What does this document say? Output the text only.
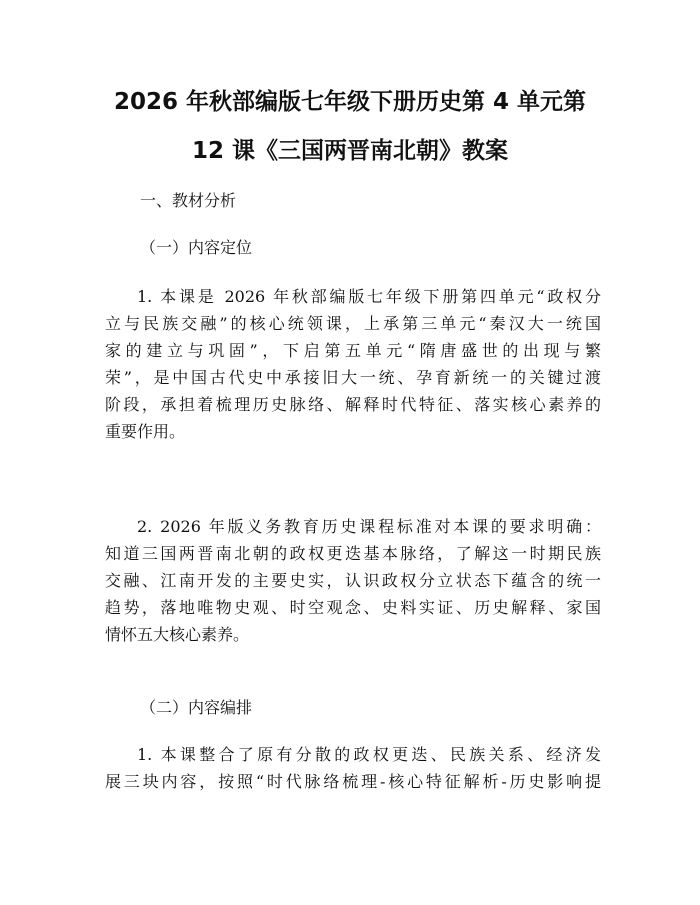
2026 年秋部编版七年级下册历史第 4 单元第
12 课《三国两晋南北朝》教案

一、教材分析

（一）内容定位

1. 本课是 2026 年秋部编版七年级下册第四单元“政权分
立与民族交融”的核心统领课，上承第三单元“秦汉大一统国
家的建立与巩固”，下启第五单元“隋唐盛世的出现与繁
荣”，是中国古代史中承接旧大一统、孕育新统一的关键过渡
阶段，承担着梳理历史脉络、解释时代特征、落实核心素养的
重要作用。
2. 2026 年版义务教育历史课程标准对本课的要求明确：
知道三国两晋南北朝的政权更迭基本脉络，了解这一时期民族
交融、江南开发的主要史实，认识政权分立状态下蕴含的统一
趋势，落地唯物史观、时空观念、史料实证、历史解释、家国
情怀五大核心素养。

（二）内容编排

1. 本课整合了原有分散的政权更迭、民族关系、经济发
展三块内容，按照“时代脉络梳理-核心特征解析-历史影响提
